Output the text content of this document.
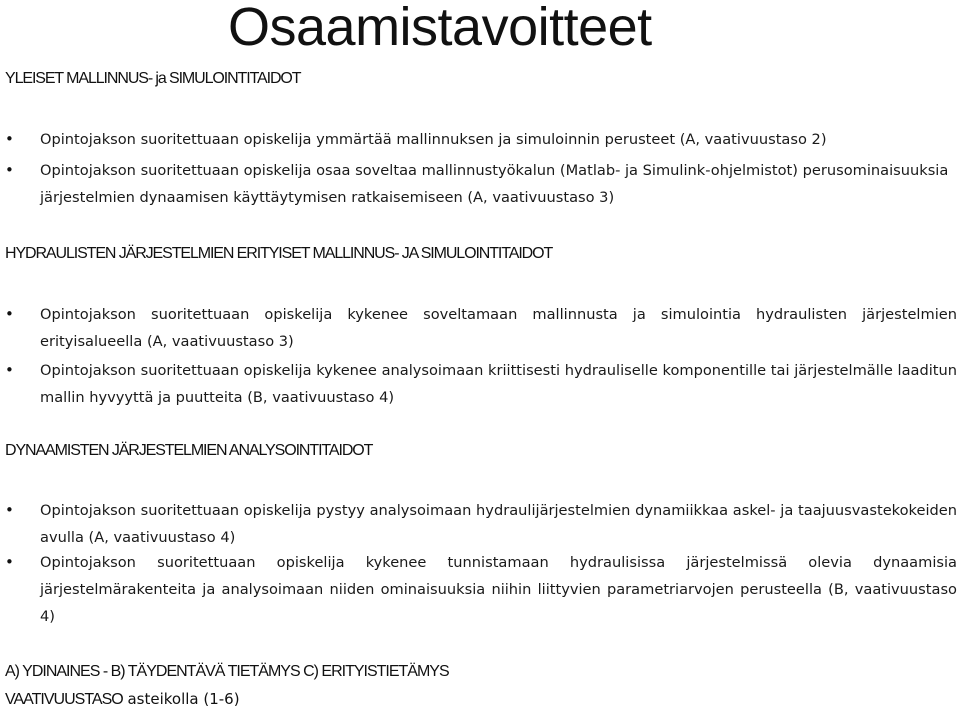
Osaamistavoitteet
YLEISET MALLINNUS- ja SIMULOINTITAIDOT
• Opintojakson suoritettuaan opiskelija ymmärtää mallinnuksen ja simuloinnin perusteet (A, vaativuustaso 2)
• Opintojakson suoritettuaan opiskelija osaa soveltaa mallinnustyökalun (Matlab- ja Simulink-ohjelmistot) perusominaisuuksia järjestelmien dynaamisen käyttäytymisen ratkaisemiseen (A, vaativuustaso 3)
HYDRAULISTEN JÄRJESTELMIEN ERITYISET MALLINNUS- JA SIMULOINTITAIDOT
• Opintojakson suoritettuaan opiskelija kykenee soveltamaan mallinnusta ja simulointia hydraulisten järjestelmien erityisalueella (A, vaativuustaso 3)
• Opintojakson suoritettuaan opiskelija kykenee analysoimaan kriittisesti hydrauliselle komponentille tai järjestelmälle laaditun mallin hyvyyttä ja puutteita (B, vaativuustaso 4)
DYNAAMISTEN JÄRJESTELMIEN ANALYSOINTITAIDOT
• Opintojakson suoritettuaan opiskelija pystyy analysoimaan hydraulijärjestelmien dynamiikkaa askel- ja taajuusvastekokeiden avulla (A, vaativuustaso 4)
• Opintojakson suoritettuaan opiskelija kykenee tunnistamaan hydraulisissa järjestelmissä olevia dynaamisia järjestelmärakenteita ja analysoimaan niiden ominaisuuksia niihin liittyvien parametriarvojen perusteella (B, vaativuustaso 4)
A) YDINAINES - B) TÄYDENTÄVÄ TIETÄMYS C) ERITYISTIETÄMYS
VAATIVUUSTASO asteikolla (1-6)
